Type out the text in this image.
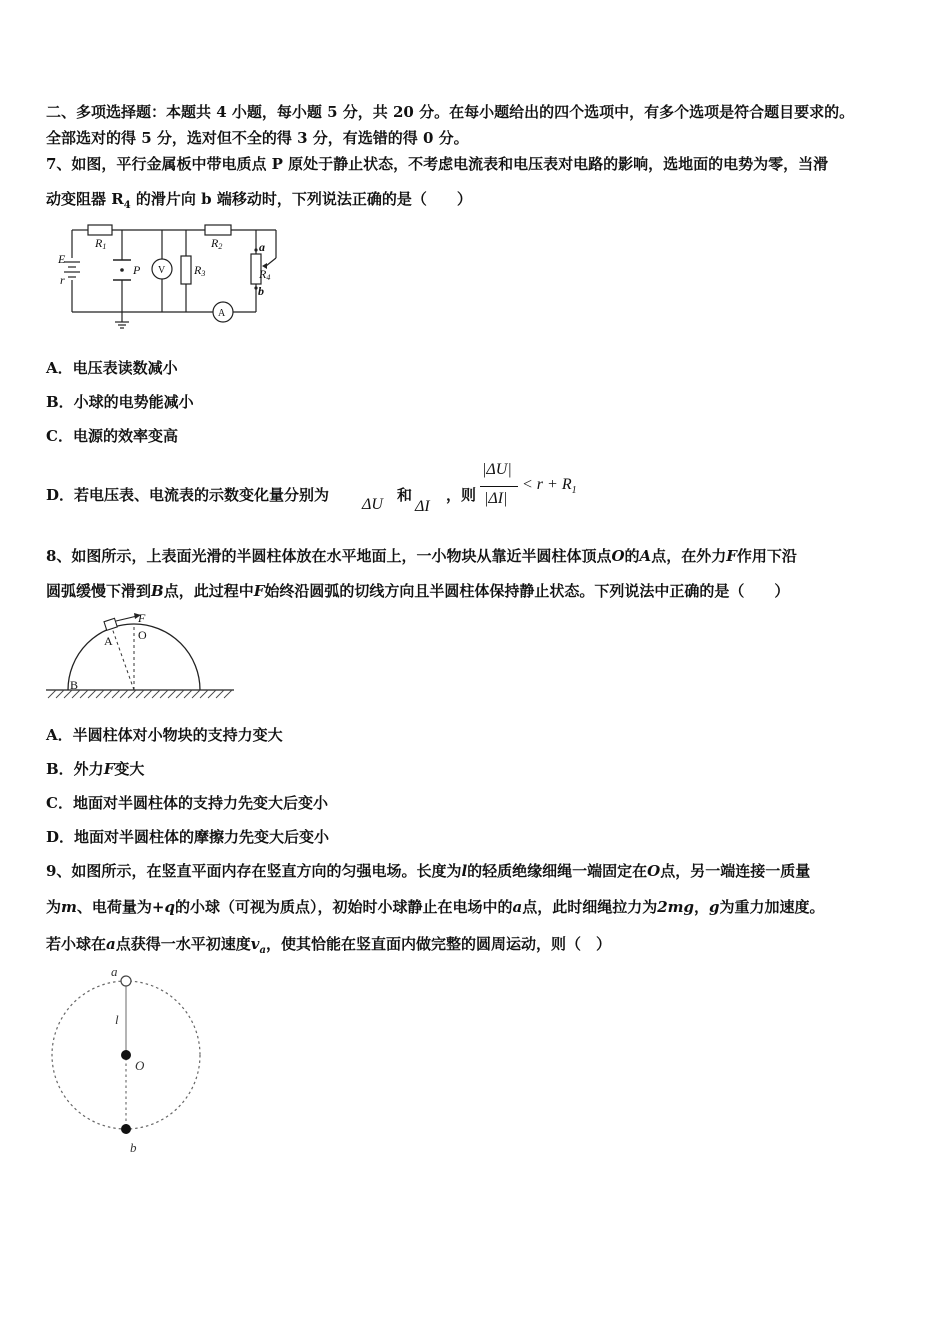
二、多项选择题：本题共 4 小题，每小题 5 分，共 20 分。在每小题给出的四个选项中，有多个选项是符合题目要求的。
全部选对的得 5 分，选对但不全的得 3 分，有选错的得 0 分。
7、如图，平行金属板中带电质点 P 原处于静止状态，不考虑电流表和电压表对电路的影响，选地面的电势为零，当滑
动变阻器 $R_4$ 的滑片向 b 端移动时，下列说法正确的是（　　）
E
r
R1	R2
R3	R4
P
a
b
V
A
A．电压表读数减小
B．小球的电势能减小
C．电源的效率变高
D．若电压表、电流表的示数变化量分别为
ΔU
和
ΔI
，则
|ΔU|
|ΔI|
< $r + R_1$
8、如图所示，上表面光滑的半圆柱体放在水平地面上，一小物块从靠近半圆柱体顶点O的A点，在外力F作用下沿
圆弧缓慢下滑到B点，此过程中F始终沿圆弧的切线方向且半圆柱体保持静止状态。下列说法中正确的是（　　）
F
A O
B
A．半圆柱体对小物块的支持力变大
B．外力F变大
C．地面对半圆柱体的支持力先变大后变小
D．地面对半圆柱体的摩擦力先变大后变小
9、如图所示，在竖直平面内存在竖直方向的匀强电场。长度为l的轻质绝缘细绳一端固定在O点，另一端连接一质量
为m、电荷量为+q的小球（可视为质点），初始时小球静止在电场中的a点，此时细绳拉力为2mg，g为重力加速度。
若小球在a点获得一水平初速度$v_a$，使其恰能在竖直面内做完整的圆周运动，则（　）
a
l
O
b
